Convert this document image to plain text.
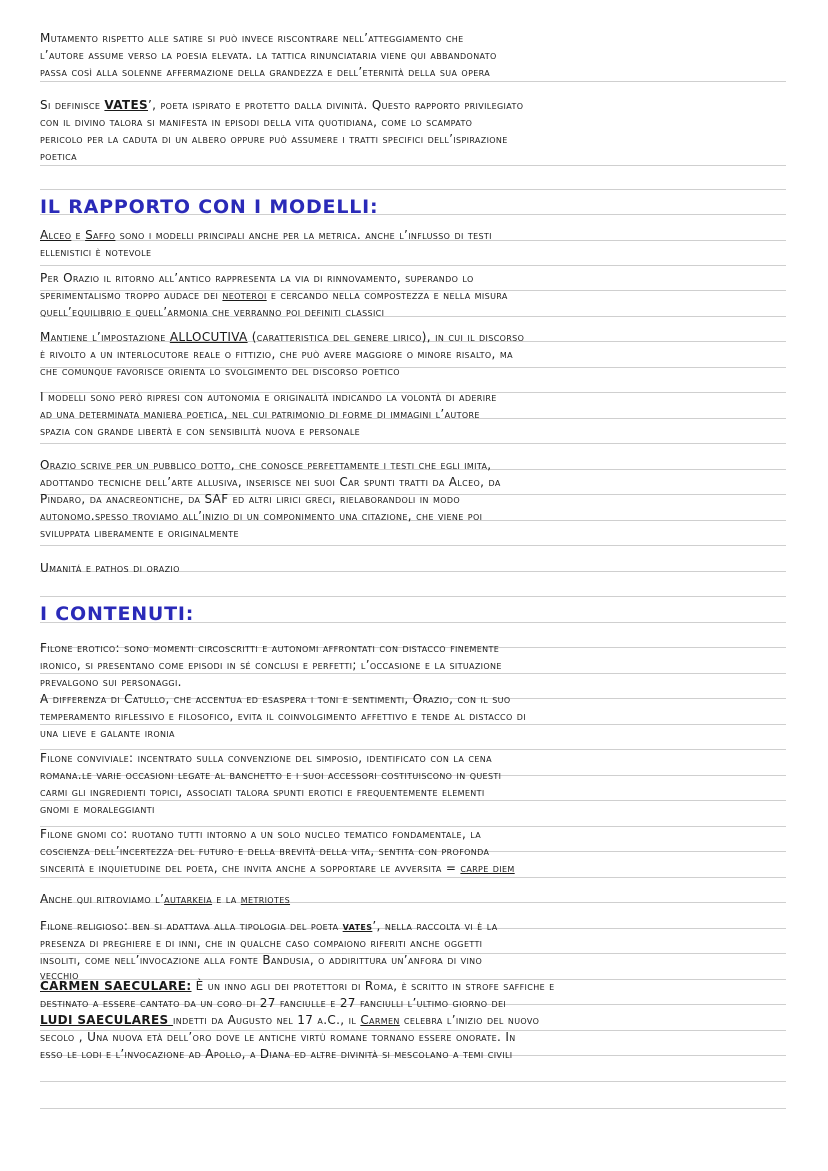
Mutamento rispetto alle satire si può invece riscontrare nell’atteggiamento che
l’autore assume verso la poesia elevata. la tattica rinunciataria viene qui abbandonato
passa così alla solenne affermazione della grandezza e dell’eternità della sua opera
Si definisce VATES’, poeta ispirato e protetto dalla divinità. Questo rapporto privilegiato
con il divino talora si manifesta in episodi della vita quotidiana, come lo scampato
pericolo per la caduta di un albero oppure può assumere i tratti specifici dell’ispirazione
poetica
IL RAPPORTO CON I MODELLI:
Alceo e Saffo sono i modelli principali anche per la metrica. anche l’influsso di testi
ellenistici è notevole
Per Orazio il ritorno all’antico rappresenta la via di rinnovamento, superando lo
sperimentalismo troppo audace dei neoteroi e cercando nella compostezza e nella misura
quell’equilibrio e quell’armonia che verranno poi definiti classici
Mantiene l’impostazione ALLOCUTIVA (caratteristica del genere lirico), in cui il discorso
è rivolto a un interlocutore reale o fittizio, che può avere maggiore o minore risalto, ma
che comunque favorisce orienta lo svolgimento del discorso poetico
I modelli sono però ripresi con autonomia e originalità indicando la volontà di aderire
ad una determinata maniera poetica, nel cui patrimonio di forme di immagini l’autore
spazia con grande libertà e con sensibilità nuova e personale
Orazio scrive per un pubblico dotto, che conosce perfettamente i testi che egli imita,
adottando tecniche dell’arte allusiva, inserisce nei suoi Car spunti tratti da Alceo, da
Pindaro, da anacreontiche, da SAF ed altri lirici greci, rielaborandoli in modo
autonomo.spesso troviamo all’inizio di un componimento una citazione, che viene poi
sviluppata liberamente e originalmente
Umanitá e pathos di orazio
I CONTENUTI:
Filone erotico: sono momenti circoscritti e autonomi affrontati con distacco finemente
ironico, si presentano come episodi in sé conclusi e perfetti; l’occasione e la situazione
prevalgono sui personaggi.
A differenza di Catullo, che accentua ed esaspera i toni e sentimenti, Orazio, con il suo
temperamento riflessivo e filosofico, evita il coinvolgimento affettivo e tende al distacco di
una lieve e galante ironia
Filone conviviale: incentrato sulla convenzione del simposio, identificato con la cena
romana.le varie occasioni legate al banchetto e i suoi accessori costituiscono in questi
carmi gli ingredienti topici, associati talora spunti erotici e frequentemente elementi
gnomi e moraleggianti
Filone gnomi co: ruotano tutti intorno a un solo nucleo tematico fondamentale, la
coscienza dell’incertezza del futuro e della brevità della vita, sentita con profonda
sincerità e inquietudine del poeta, che invita anche a sopportare le avversita = carpe diem
Anche qui ritroviamo l’autarkeia e la metriotes
Filone religioso: ben si adattava alla tipologia del poeta vates’, nella raccolta vi è la
presenza di preghiere e di inni, che in qualche caso compaiono riferiti anche oggetti
insoliti, come nell’invocazione alla fonte Bandusia, o addirittura un’anfora di vino
vecchio
CARMEN SAECULARE: È un inno agli dei protettori di Roma, è scritto in strofe saffiche e
destinato a essere cantato da un coro di 27 fanciulle e 27 fanciulli l’ultimo giorno dei
LUDI SAECULARES indetti da Augusto nel 17 a.C., il Carmen celebra l’inizio del nuovo
secolo , Una nuova età dell’oro dove le antiche virtù romane tornano essere onorate. In
esso le lodi e l’invocazione ad Apollo, a Diana ed altre divinità si mescolano a temi civili
